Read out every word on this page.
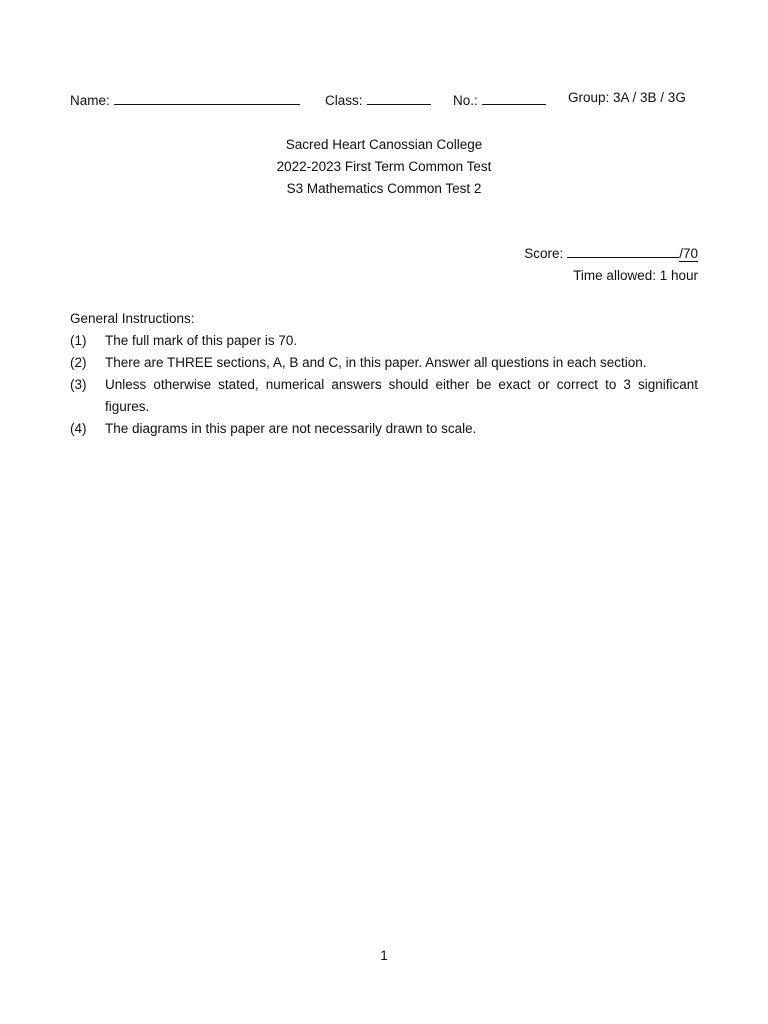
Name:	Class:	No.:	Group: 3A / 3B / 3G
Sacred Heart Canossian College
2022-2023 First Term Common Test
S3 Mathematics Common Test 2
Score:	/70
Time allowed: 1 hour
General Instructions:
(1)	The full mark of this paper is 70.
(2)	There are THREE sections, A, B and C, in this paper. Answer all questions in each section.
(3)	Unless otherwise stated, numerical answers should either be exact or correct to 3 significant figures.
(4)	The diagrams in this paper are not necessarily drawn to scale.
1
